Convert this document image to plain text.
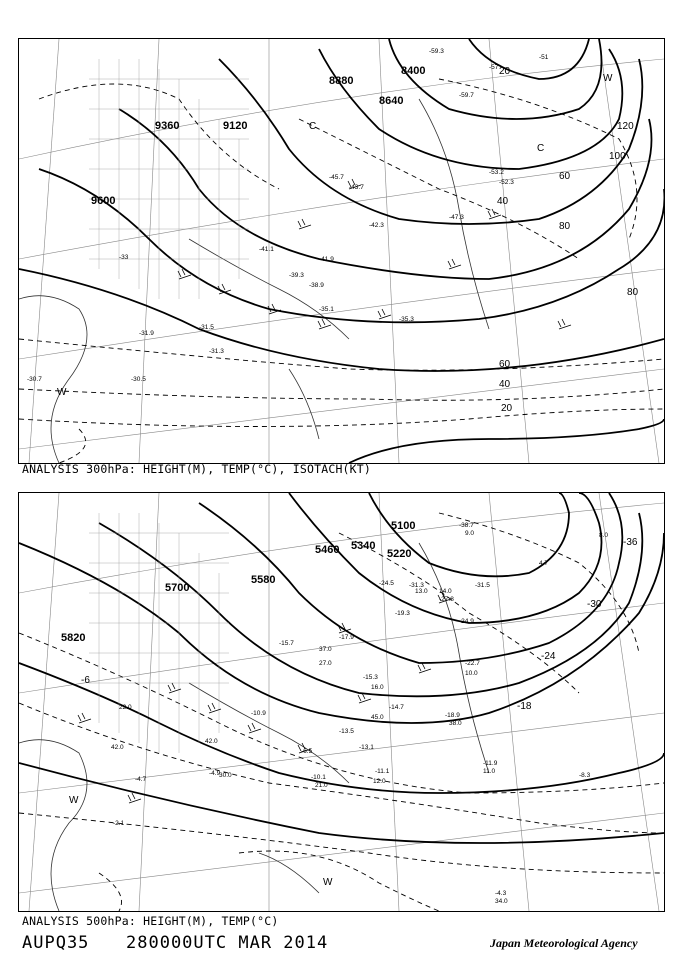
8400
8640
8880
9120
9360
9600
20
40
60
80
100
120
80
60
40
20
-59.3
-59.7
-57
-53.2
-52.3
-51
-47.3
-45.7
-43.7
-42.3
-41.9
-41.1
-39.3
-38.9
-35.3
-35.1
-33
-31.9
-31.5
-31.3
-30.5
-30.7
C
W
W
C
ANALYSIS 300hPa: HEIGHT(M), TEMP(°C), ISOTACH(KT)
5100
5220
5340
5460
5580
5700
5820
-36
-30
-24
-18
-6
-38.7
-31.3	-31.5
-27.8
-24.9
-24.5
-22.7
-19.3
-18.9
-17.9
-15.7
-15.3
-14.7
-13.5
-13.1
-11.9
-11.1
-10.9
-10.1	-8.3
-6.5
-4.9
-4.7
-4.3
-2.1
9.0	8.0
4.7
14.0
13.0
37.0
10.0
22.0
38.0
45.0
42.0
30.0
21.0
12.0
11.0
16.0
42.0
27.0
34.0
W
W
ANALYSIS 500hPa: HEIGHT(M), TEMP(°C)
AUPQ35 280000UTC MAR 2014	Japan Meteorological Agency
